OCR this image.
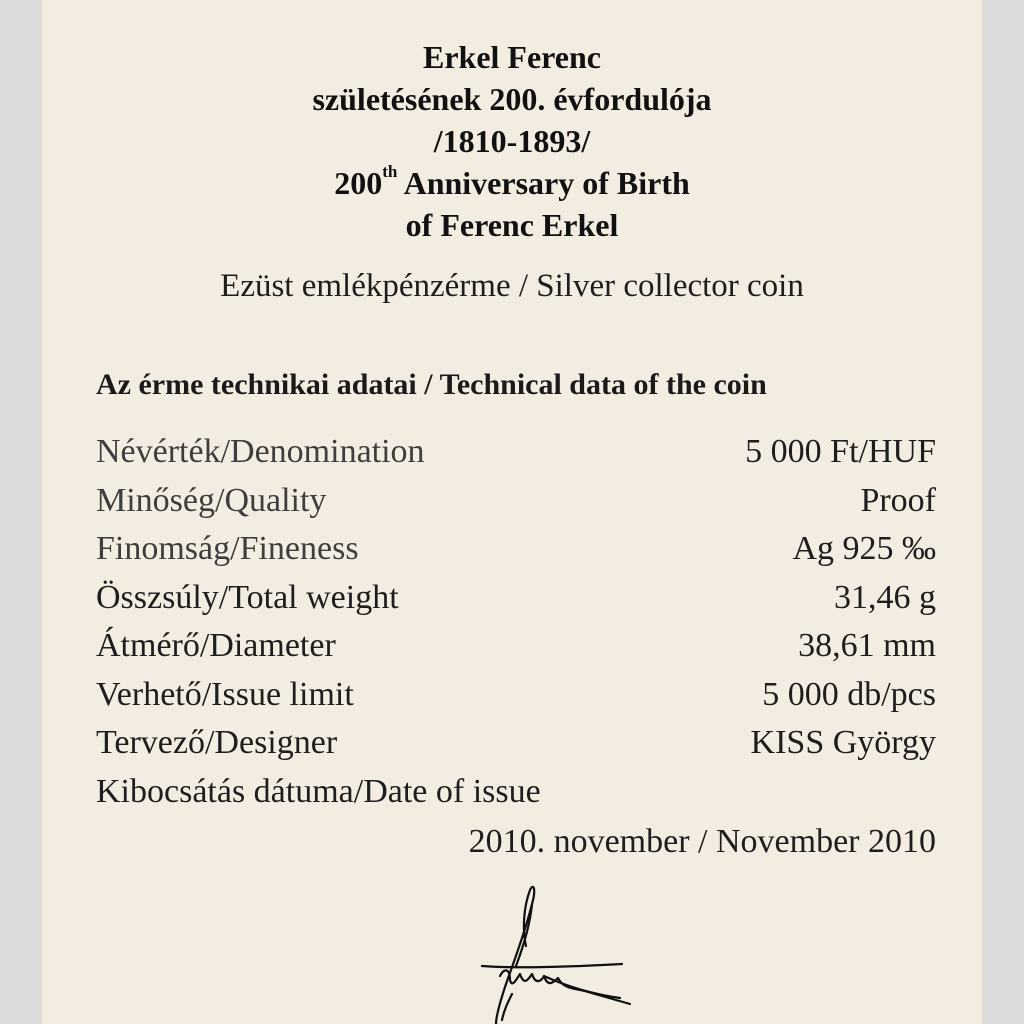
Erkel Ferenc
születésének 200. évfordulója
/1810-1893/
200th Anniversary of Birth
of Ferenc Erkel
Ezüst emlékpénzérme / Silver collector coin
Az érme technikai adatai / Technical data of the coin
Névérték/Denomination	5 000 Ft/HUF
Minőség/Quality	Proof
Finomság/Fineness	Ag 925 ‰
Összsúly/Total weight	31,46 g
Átmérő/Diameter	38,61 mm
Verhető/Issue limit	5 000 db/pcs
Tervező/Designer	KISS György
Kibocsátás dátuma/Date of issue
2010. november / November 2010
